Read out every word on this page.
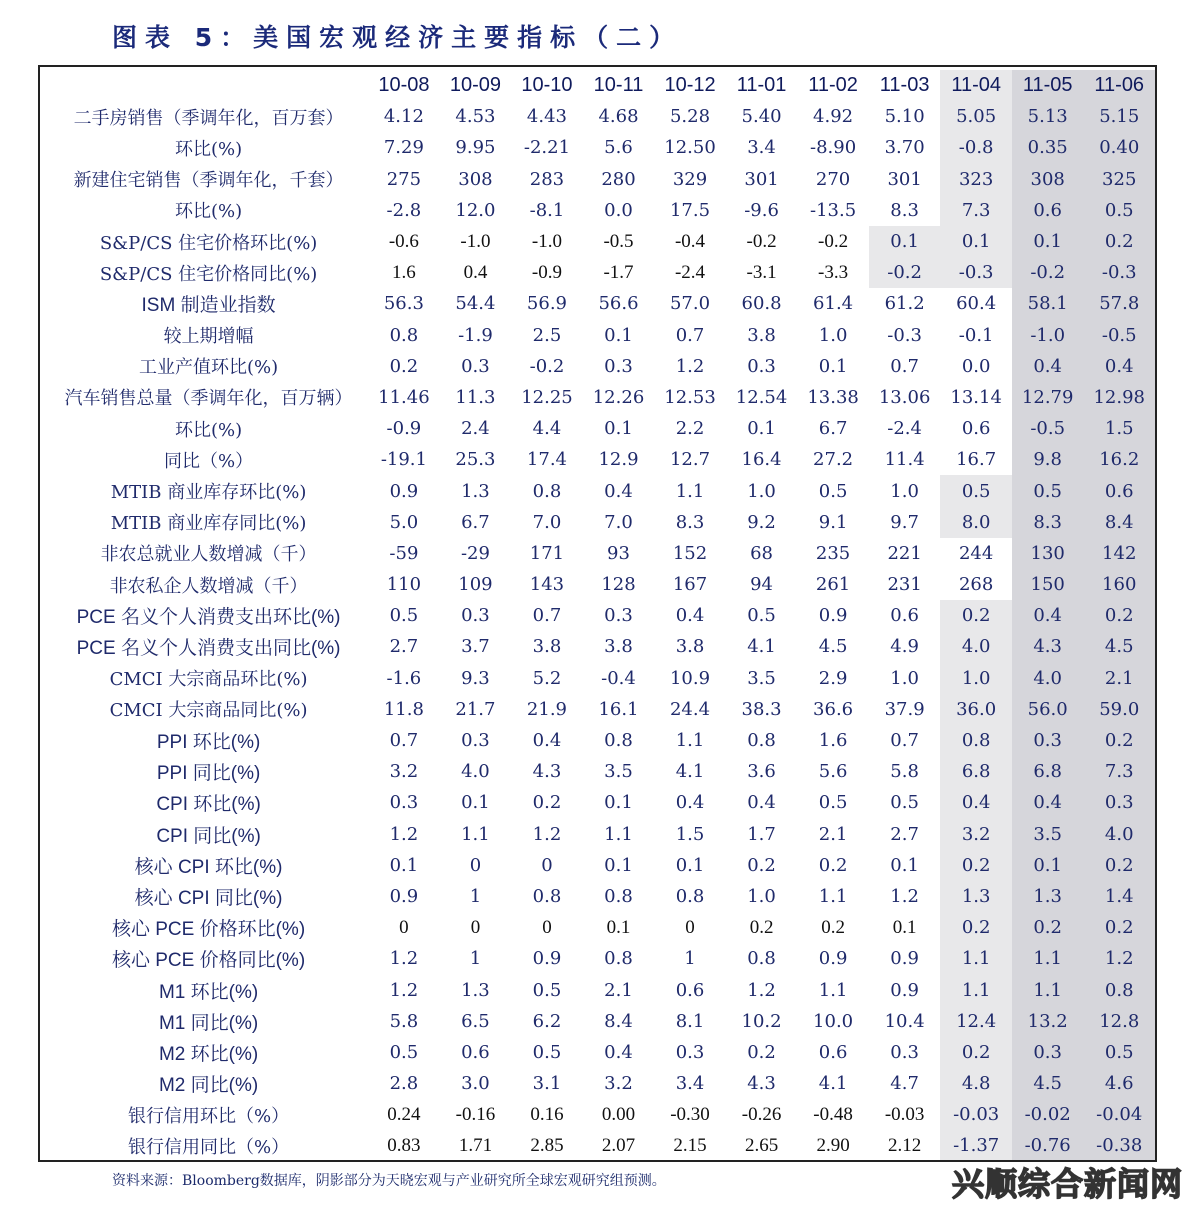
图表 5：美国宏观经济主要指标（二）
	10-08	10-09	10-10	10-11	10-12	11-01	11-02	11-03	11-04	11-05	11-06
二手房销售（季调年化，百万套）	4.12	4.53	4.43	4.68	5.28	5.40	4.92	5.10	5.05	5.13	5.15
环比(%)	7.29	9.95	-2.21	5.6	12.50	3.4	-8.90	3.70	-0.8	0.35	0.40
新建住宅销售（季调年化，千套）	275	308	283	280	329	301	270	301	323	308	325
环比(%)	-2.8	12.0	-8.1	0.0	17.5	-9.6	-13.5	8.3	7.3	0.6	0.5
S&P/CS 住宅价格环比(%)	-0.6	-1.0	-1.0	-0.5	-0.4	-0.2	-0.2	0.1	0.1	0.1	0.2
S&P/CS 住宅价格同比(%)	1.6	0.4	-0.9	-1.7	-2.4	-3.1	-3.3	-0.2	-0.3	-0.2	-0.3
ISM 制造业指数	56.3	54.4	56.9	56.6	57.0	60.8	61.4	61.2	60.4	58.1	57.8
较上期增幅	0.8	-1.9	2.5	0.1	0.7	3.8	1.0	-0.3	-0.1	-1.0	-0.5
工业产值环比(%)	0.2	0.3	-0.2	0.3	1.2	0.3	0.1	0.7	0.0	0.4	0.4
汽车销售总量（季调年化，百万辆）	11.46	11.3	12.25	12.26	12.53	12.54	13.38	13.06	13.14	12.79	12.98
环比(%)	-0.9	2.4	4.4	0.1	2.2	0.1	6.7	-2.4	0.6	-0.5	1.5
同比（%）	-19.1	25.3	17.4	12.9	12.7	16.4	27.2	11.4	16.7	9.8	16.2
MTIB 商业库存环比(%)	0.9	1.3	0.8	0.4	1.1	1.0	0.5	1.0	0.5	0.5	0.6
MTIB 商业库存同比(%)	5.0	6.7	7.0	7.0	8.3	9.2	9.1	9.7	8.0	8.3	8.4
非农总就业人数增减（千）	-59	-29	171	93	152	68	235	221	244	130	142
非农私企人数增减（千）	110	109	143	128	167	94	261	231	268	150	160
PCE 名义个人消费支出环比(%)	0.5	0.3	0.7	0.3	0.4	0.5	0.9	0.6	0.2	0.4	0.2
PCE 名义个人消费支出同比(%)	2.7	3.7	3.8	3.8	3.8	4.1	4.5	4.9	4.0	4.3	4.5
CMCI 大宗商品环比(%)	-1.6	9.3	5.2	-0.4	10.9	3.5	2.9	1.0	1.0	4.0	2.1
CMCI 大宗商品同比(%)	11.8	21.7	21.9	16.1	24.4	38.3	36.6	37.9	36.0	56.0	59.0
PPI 环比(%)	0.7	0.3	0.4	0.8	1.1	0.8	1.6	0.7	0.8	0.3	0.2
PPI 同比(%)	3.2	4.0	4.3	3.5	4.1	3.6	5.6	5.8	6.8	6.8	7.3
CPI 环比(%)	0.3	0.1	0.2	0.1	0.4	0.4	0.5	0.5	0.4	0.4	0.3
CPI 同比(%)	1.2	1.1	1.2	1.1	1.5	1.7	2.1	2.7	3.2	3.5	4.0
核心 CPI 环比(%)	0.1	0	0	0.1	0.1	0.2	0.2	0.1	0.2	0.1	0.2
核心 CPI 同比(%)	0.9	1	0.8	0.8	0.8	1.0	1.1	1.2	1.3	1.3	1.4
核心 PCE 价格环比(%)	0	0	0	0.1	0	0.2	0.2	0.1	0.2	0.2	0.2
核心 PCE 价格同比(%)	1.2	1	0.9	0.8	1	0.8	0.9	0.9	1.1	1.1	1.2
M1 环比(%)	1.2	1.3	0.5	2.1	0.6	1.2	1.1	0.9	1.1	1.1	0.8
M1 同比(%)	5.8	6.5	6.2	8.4	8.1	10.2	10.0	10.4	12.4	13.2	12.8
M2 环比(%)	0.5	0.6	0.5	0.4	0.3	0.2	0.6	0.3	0.2	0.3	0.5
M2 同比(%)	2.8	3.0	3.1	3.2	3.4	4.3	4.1	4.7	4.8	4.5	4.6
银行信用环比（%）	0.24	-0.16	0.16	0.00	-0.30	-0.26	-0.48	-0.03	-0.03	-0.02	-0.04
银行信用同比（%）	0.83	1.71	2.85	2.07	2.15	2.65	2.90	2.12	-1.37	-0.76	-0.38
资料来源：Bloomberg数据库，阴影部分为天晓宏观与产业研究所全球宏观研究组预测。	兴顺综合新闻网
